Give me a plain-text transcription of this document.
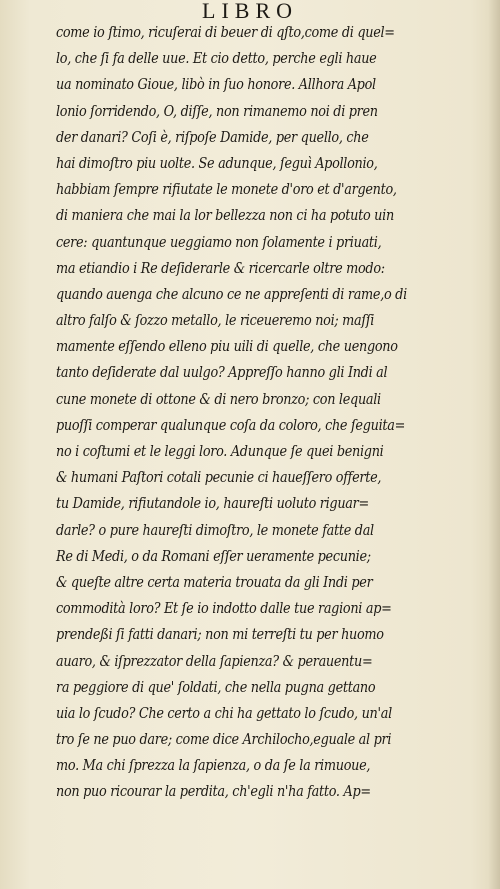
LIBRO
come io ſtimo, ricuſerai di beuer di qſto,come di quel=
lo, che ſi fa delle uue. Et cio detto, perche egli haue
ua nominato Gioue, libò in ſuo honore. Allhora Apol
lonio ſorridendo, O, diſſe, non rimanemo noi di pren
der danari? Coſi è, riſpoſe Damide, per quello, che
hai dimoſtro piu uolte. Se adunque, ſeguì Apollonio,
habbiam ſempre rifiutate le monete d'oro et d'argento,
di maniera che mai la lor bellezza non ci ha potuto uin
cere: quantunque ueggiamo non ſolamente i priuati,
ma etiandio i Re deſiderarle & ricercarle oltre modo:
quando auenga che alcuno ce ne appreſenti di rame,o di
altro falſo & ſozzo metallo, le riceueremo noi; maſſi
mamente eſſendo elleno piu uili di quelle, che uengono
tanto deſiderate dal uulgo? Appreſſo hanno gli Indi al
cune monete di ottone & di nero bronzo; con lequali
puoſſi comperar qualunque coſa da coloro, che ſeguita=
no i coſtumi et le leggi loro. Adunque ſe quei benigni
& humani Paſtori cotali pecunie ci haueſſero offerte,
tu Damide, rifiutandole io, haureſti uoluto riguar=
darle? o pure haureſti dimoſtro, le monete fatte dal
Re di Medi, o da Romani eſſer ueramente pecunie;
& queſte altre certa materia trouata da gli Indi per
commodità loro? Et ſe io indotto dalle tue ragioni ap=
prendeßi ſi fatti danari; non mi terreſti tu per huomo
auaro, & iſprezzator della ſapienza? & perauentu=
ra peggiore di que' ſoldati, che nella pugna gettano
uia lo ſcudo? Che certo a chi ha gettato lo ſcudo, un'al
tro ſe ne puo dare; come dice Archilocho,eguale al pri
mo. Ma chi ſprezza la ſapienza, o da ſe la rimuoue,
non puo ricourar la perdita, ch'egli n'ha fatto. Ap=
